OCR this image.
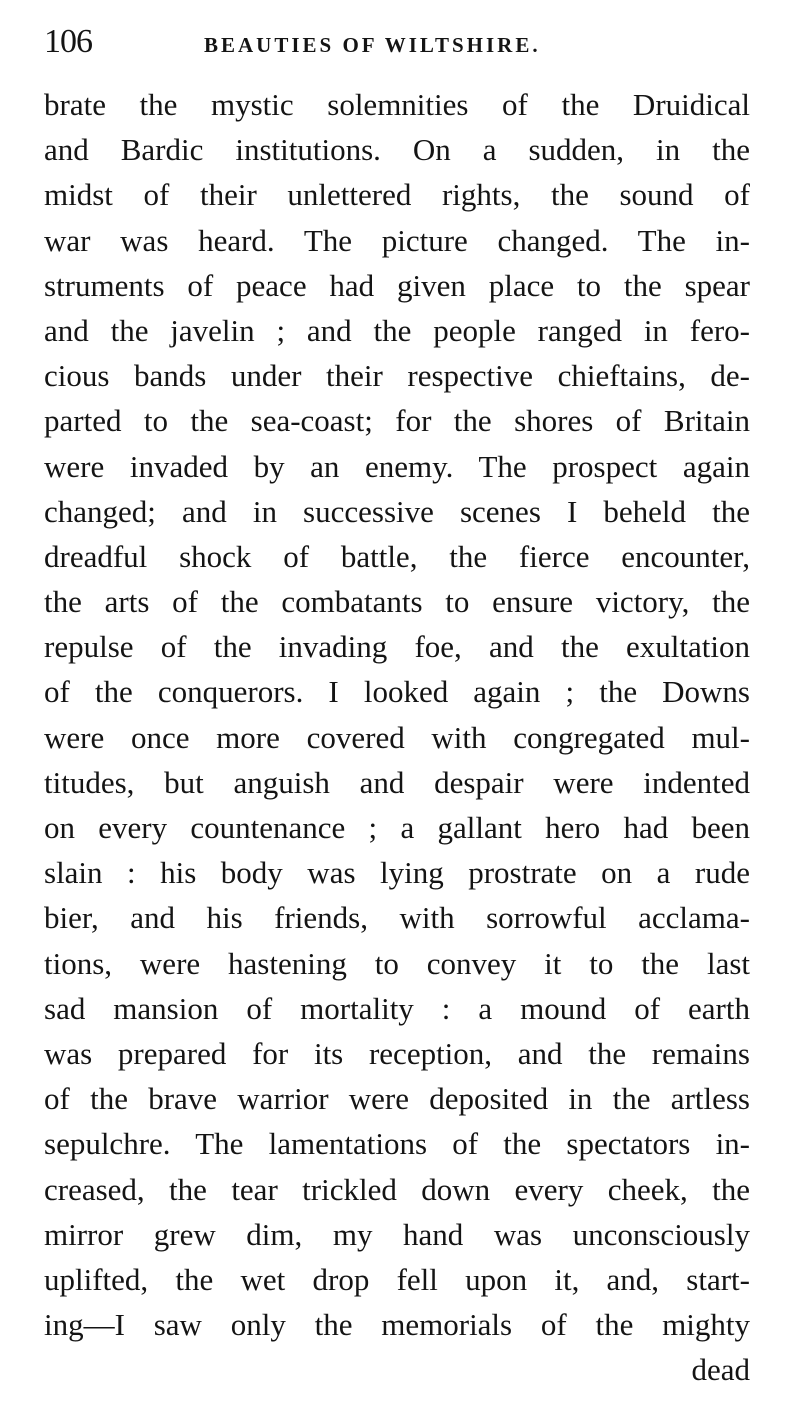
106	BEAUTIES OF WILTSHIRE.
brate the mystic solemnities of the Druidical
and Bardic institutions. On a sudden, in the
midst of their unlettered rights, the sound of
war was heard. The picture changed. The in-
struments of peace had given place to the spear
and the javelin ; and the people ranged in fero-
cious bands under their respective chieftains, de-
parted to the sea-coast; for the shores of Britain
were invaded by an enemy. The prospect again
changed; and in successive scenes I beheld the
dreadful shock of battle, the fierce encounter,
the arts of the combatants to ensure victory, the
repulse of the invading foe, and the exultation
of the conquerors. I looked again ; the Downs
were once more covered with congregated mul-
titudes, but anguish and despair were indented
on every countenance ; a gallant hero had been
slain : his body was lying prostrate on a rude
bier, and his friends, with sorrowful acclama-
tions, were hastening to convey it to the last
sad mansion of mortality : a mound of earth
was prepared for its reception, and the remains
of the brave warrior were deposited in the artless
sepulchre. The lamentations of the spectators in-
creased, the tear trickled down every cheek, the
mirror grew dim, my hand was unconsciously
uplifted, the wet drop fell upon it, and, start-
ing—I saw only the memorials of the mighty
dead
